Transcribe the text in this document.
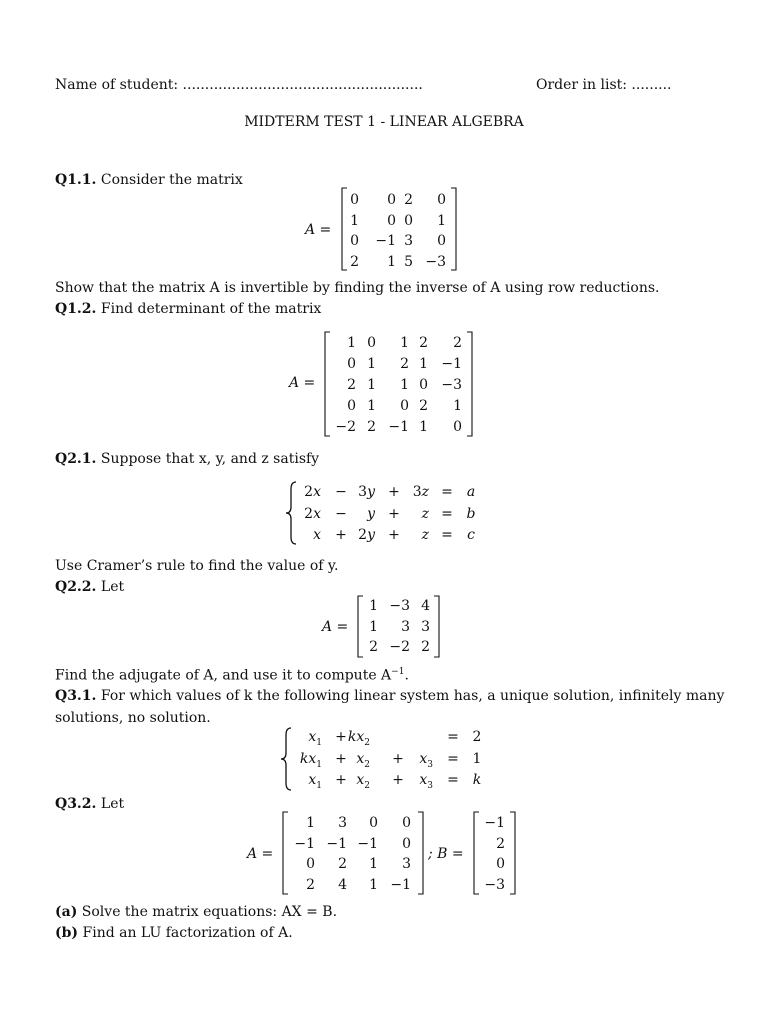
Name of student: ......................................................	Order in list: .........
MIDTERM TEST 1 - LINEAR ALGEBRA
Q1.1. Consider the matrix
A =
0	0 2	0
1	0 0	1
0	−1 3	0
2	1 5 −3
Show that the matrix A is invertible by finding the inverse of A using row reductions.
Q1.2. Find determinant of the matrix
A =
1 0	1 2	2
0 1	2 1 −1
2 1	1 0 −3
0 1	0 2	1
−2 2 −1 1	0
Q2.1. Suppose that x, y, and z satisfy
2x − 3y + 3z = a
2x −	y +	z = b
x + 2y +	z =	c
Use Cramer’s rule to find the value of y.
Q2.2. Let
A =
1 −3 4
1	3 3
2 −2 2
Find the adjugate of A, and use it to compute $A^{-1}$.
Q3.1. For which values of k the following linear system has, a unique solution, infinitely many
solutions, no solution.
$x_1 + kx_2$	= 2
$kx_1 + x_2$ +	$x_3 = 1$
$x_1 + x_2$ +	$x_3 = k$
Q3.2. Let
A =
1	3	0	0
−1 −1 −1	0
0	2	1	3
2	4	1 −1
; B =
−1
2
0
−3
(a) Solve the matrix equations: AX = B.
(b) Find an LU factorization of A.
